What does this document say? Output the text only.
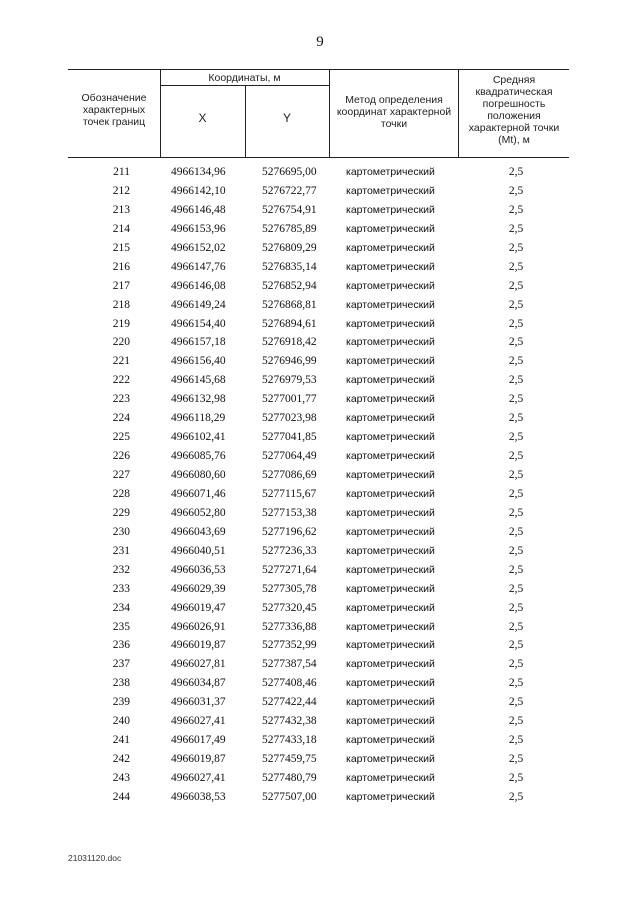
9
Обозначение характерных точек границ
Координаты, м
X	Y
Метод определения координат характерной точки
Средняя квадратическая погрешность положения характерной точки (Mt), м
211	4966134,96	5276695,00	картометрический	2,5
212	4966142,10	5276722,77	картометрический	2,5
213	4966146,48	5276754,91	картометрический	2,5
214	4966153,96	5276785,89	картометрический	2,5
215	4966152,02	5276809,29	картометрический	2,5
216	4966147,76	5276835,14	картометрический	2,5
217	4966146,08	5276852,94	картометрический	2,5
218	4966149,24	5276868,81	картометрический	2,5
219	4966154,40	5276894,61	картометрический	2,5
220	4966157,18	5276918,42	картометрический	2,5
221	4966156,40	5276946,99	картометрический	2,5
222	4966145,68	5276979,53	картометрический	2,5
223	4966132,98	5277001,77	картометрический	2,5
224	4966118,29	5277023,98	картометрический	2,5
225	4966102,41	5277041,85	картометрический	2,5
226	4966085,76	5277064,49	картометрический	2,5
227	4966080,60	5277086,69	картометрический	2,5
228	4966071,46	5277115,67	картометрический	2,5
229	4966052,80	5277153,38	картометрический	2,5
230	4966043,69	5277196,62	картометрический	2,5
231	4966040,51	5277236,33	картометрический	2,5
232	4966036,53	5277271,64	картометрический	2,5
233	4966029,39	5277305,78	картометрический	2,5
234	4966019,47	5277320,45	картометрический	2,5
235	4966026,91	5277336,88	картометрический	2,5
236	4966019,87	5277352,99	картометрический	2,5
237	4966027,81	5277387,54	картометрический	2,5
238	4966034,87	5277408,46	картометрический	2,5
239	4966031,37	5277422,44	картометрический	2,5
240	4966027,41	5277432,38	картометрический	2,5
241	4966017,49	5277433,18	картометрический	2,5
242	4966019,87	5277459,75	картометрический	2,5
243	4966027,41	5277480,79	картометрический	2,5
244	4966038,53	5277507,00	картометрический	2,5
21031120.doc
